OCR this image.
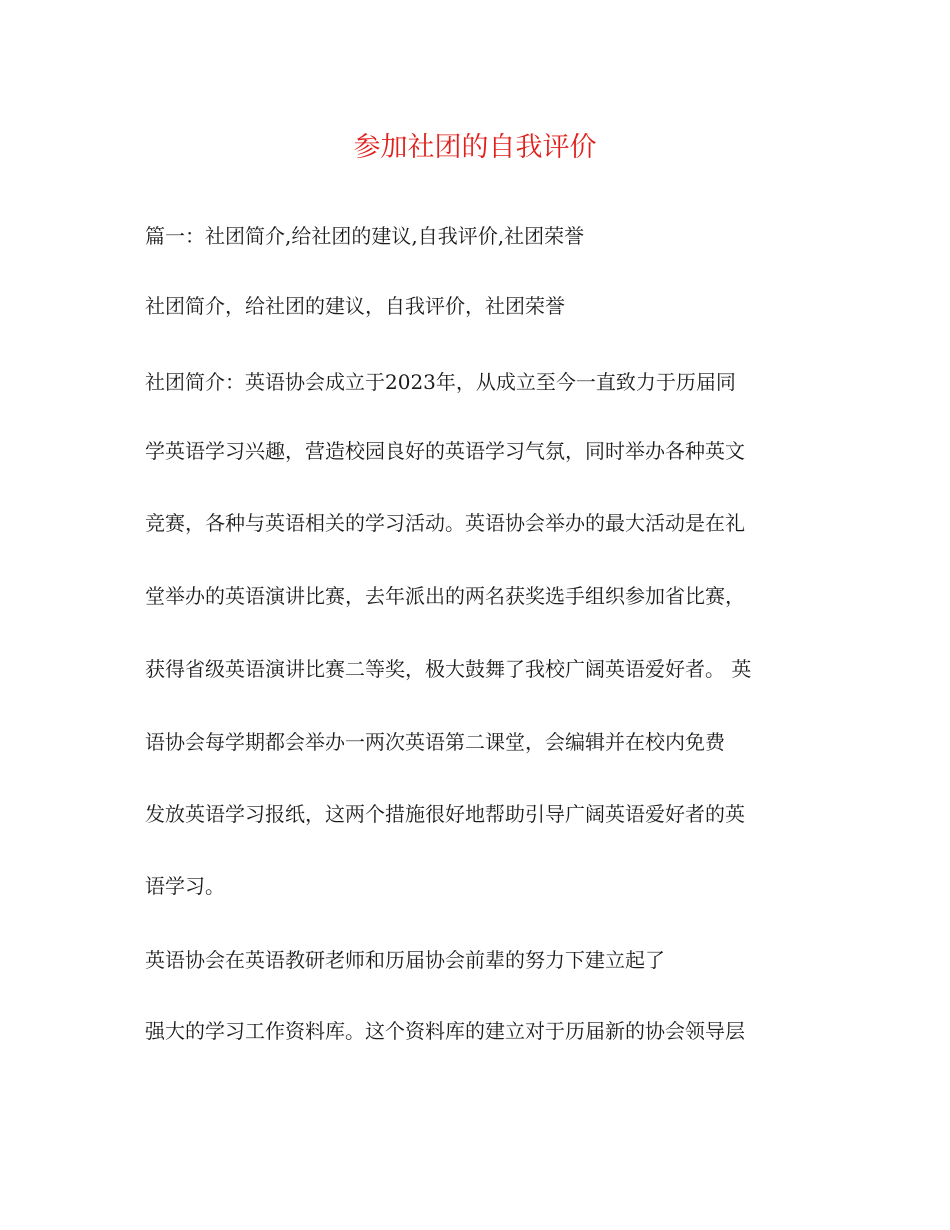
参加社团的自我评价
篇一：社团简介,给社团的建议,自我评价,社团荣誉
社团简介，给社团的建议，自我评价，社团荣誉
社团简介：英语协会成立于2023年，从成立至今一直致力于历届同
学英语学习兴趣，营造校园良好的英语学习气氛，同时举办各种英文
竞赛，各种与英语相关的学习活动。英语协会举办的最大活动是在礼
堂举办的英语演讲比赛，去年派出的两名获奖选手组织参加省比赛，
获得省级英语演讲比赛二等奖，极大鼓舞了我校广阔英语爱好者。 英
语协会每学期都会举办一两次英语第二课堂，会编辑并在校内免费
发放英语学习报纸，这两个措施很好地帮助引导广阔英语爱好者的英
语学习。
英语协会在英语教研老师和历届协会前辈的努力下建立起了
强大的学习工作资料库。这个资料库的建立对于历届新的协会领导层
